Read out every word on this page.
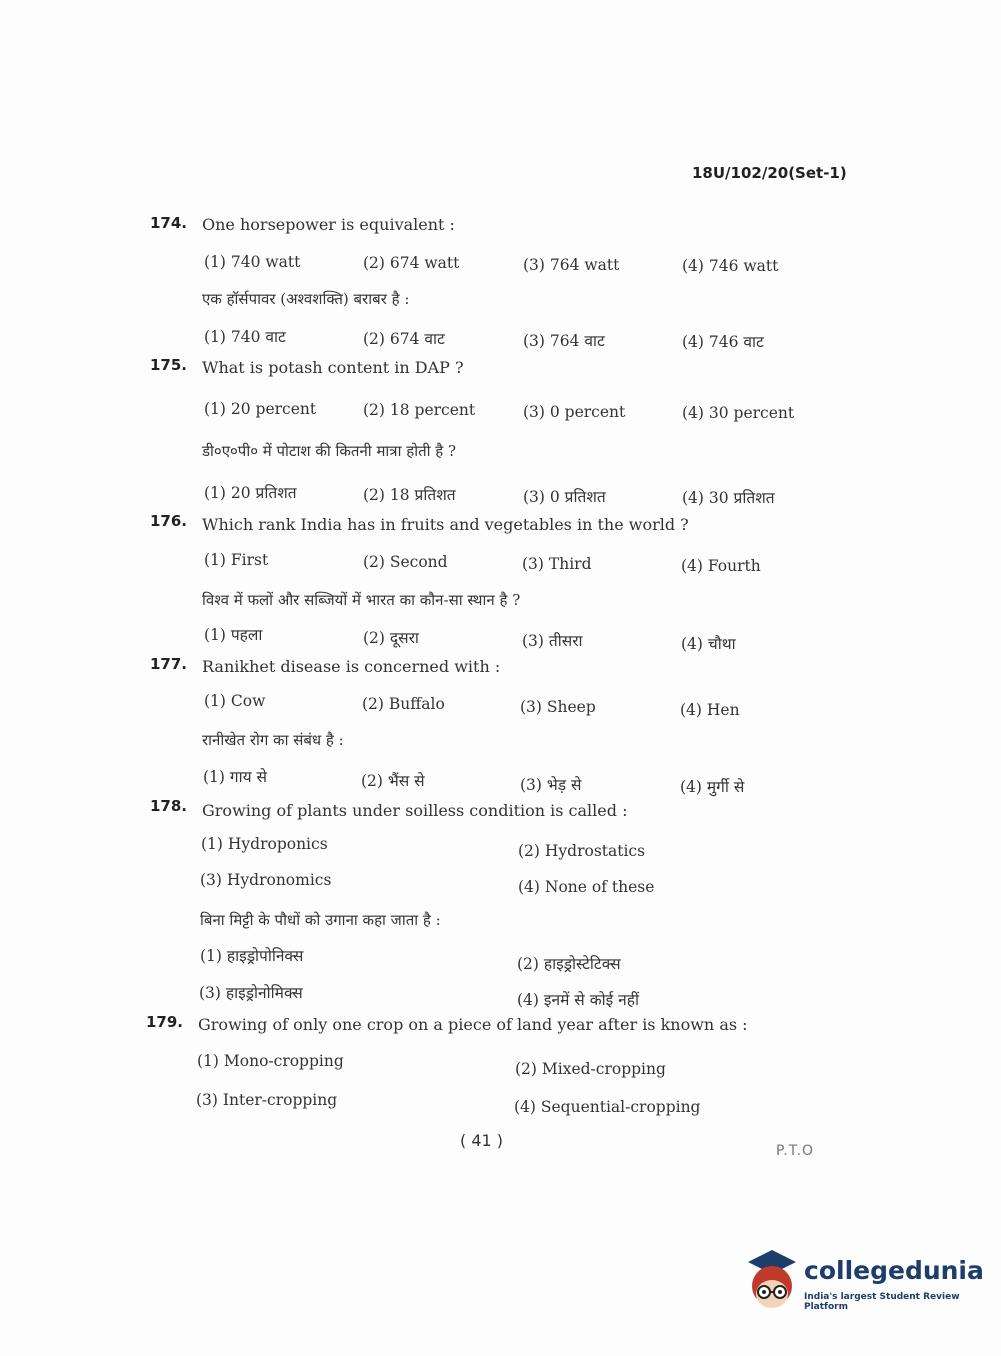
18U/102/20(Set-1)
174. One horsepower is equivalent :
(1) 740 watt	(2) 674 watt	(3) 764 watt	(4) 746 watt
एक हॉर्सपावर (अश्वशक्ति) बराबर है :
(1) 740 वाट	(2) 674 वाट	(3) 764 वाट	(4) 746 वाट
175. What is potash content in DAP ?
(1) 20 percent	(2) 18 percent	(3) 0 percent	(4) 30 percent
डी०ए०पी० में पोटाश की कितनी मात्रा होती है ?
(1) 20 प्रतिशत	(2) 18 प्रतिशत	(3) 0 प्रतिशत	(4) 30 प्रतिशत
176. Which rank India has in fruits and vegetables in the world ?
(1) First	(2) Second	(3) Third	(4) Fourth
विश्व में फलों और सब्जियों में भारत का कौन-सा स्थान है ?
(1) पहला	(2) दूसरा	(3) तीसरा	(4) चौथा
177. Ranikhet disease is concerned with :
(1) Cow	(2) Buffalo	(3) Sheep	(4) Hen
रानीखेत रोग का संबंध है :
(1) गाय से	(2) भैंस से	(3) भेड़ से	(4) मुर्गी से
178. Growing of plants under soilless condition is called :
(1) Hydroponics	(2) Hydrostatics
(3) Hydronomics	(4) None of these
बिना मिट्टी के पौधों को उगाना कहा जाता है :
(1) हाइड्रोपोनिक्स	(2) हाइड्रोस्टेटिक्स
(3) हाइड्रोनोमिक्स	(4) इनमें से कोई नहीं
179. Growing of only one crop on a piece of land year after is known as :
(1) Mono-cropping	(2) Mixed-cropping
(3) Inter-cropping	(4) Sequential-cropping
( 41 )
P.T.O
collegedunia
India's largest Student Review Platform
